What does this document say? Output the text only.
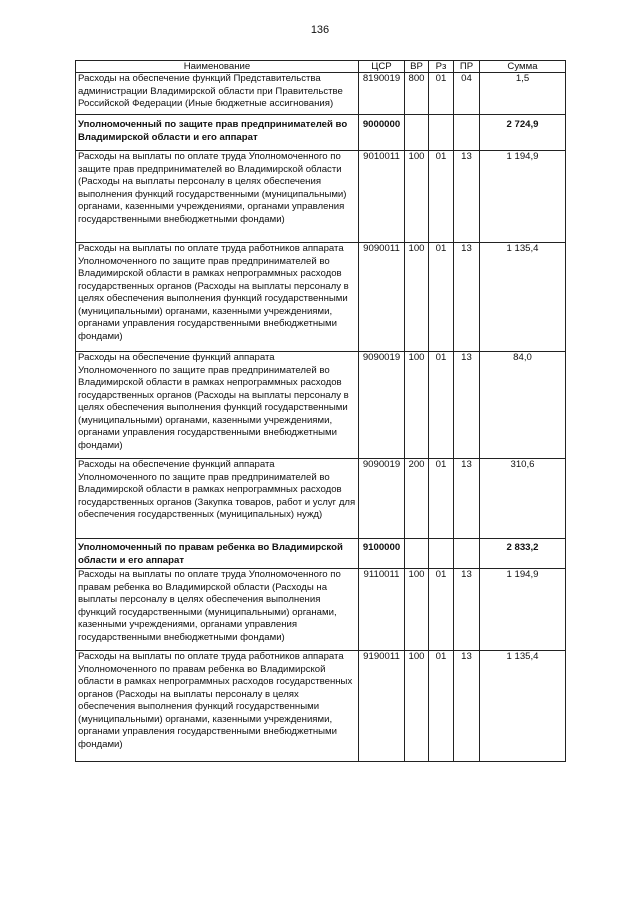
136
Наименование	ЦСР	ВР	Рз	ПР	Сумма
Расходы на обеспечение функций Представительства администрации Владимирской области при Правительстве Российской Федерации (Иные бюджетные ассигнования)	8190019	800	01	04	1,5
Уполномоченный по защите прав предпринимателей во Владимирской области и его аппарат	9000000				2 724,9
Расходы на выплаты по оплате труда Уполномоченного по защите прав предпринимателей во Владимирской области (Расходы на выплаты персоналу в целях обеспечения выполнения функций государственными (муниципальными) органами, казенными учреждениями, органами управления государственными внебюджетными фондами)	9010011	100	01	13	1 194,9
Расходы на выплаты по оплате труда работников аппарата Уполномоченного по защите прав предпринимателей во Владимирской области в рамках непрограммных расходов государственных органов (Расходы на выплаты персоналу в целях обеспечения выполнения функций государственными (муниципальными) органами, казенными учреждениями, органами управления государственными внебюджетными фондами)	9090011	100	01	13	1 135,4
Расходы на обеспечение функций аппарата Уполномоченного по защите прав предпринимателей во Владимирской области в рамках непрограммных расходов государственных органов (Расходы на выплаты персоналу в целях обеспечения выполнения функций государственными (муниципальными) органами, казенными учреждениями, органами управления государственными внебюджетными фондами)	9090019	100	01	13	84,0
Расходы на обеспечение функций аппарата Уполномоченного по защите прав предпринимателей во Владимирской области в рамках непрограммных расходов государственных органов (Закупка товаров, работ и услуг для обеспечения государственных (муниципальных) нужд)	9090019	200	01	13	310,6
Уполномоченный по правам ребенка во Владимирской области и его аппарат	9100000				2 833,2
Расходы на выплаты по оплате труда Уполномоченного по правам ребенка во Владимирской области (Расходы на выплаты персоналу в целях обеспечения выполнения функций государственными (муниципальными) органами, казенными учреждениями, органами управления государственными внебюджетными фондами)	9110011	100	01	13	1 194,9
Расходы на выплаты по оплате труда работников аппарата Уполномоченного по правам ребенка во Владимирской области в рамках непрограммных расходов государственных органов (Расходы на выплаты персоналу в целях обеспечения выполнения функций государственными (муниципальными) органами, казенными учреждениями, органами управления государственными внебюджетными фондами)	9190011	100	01	13	1 135,4
